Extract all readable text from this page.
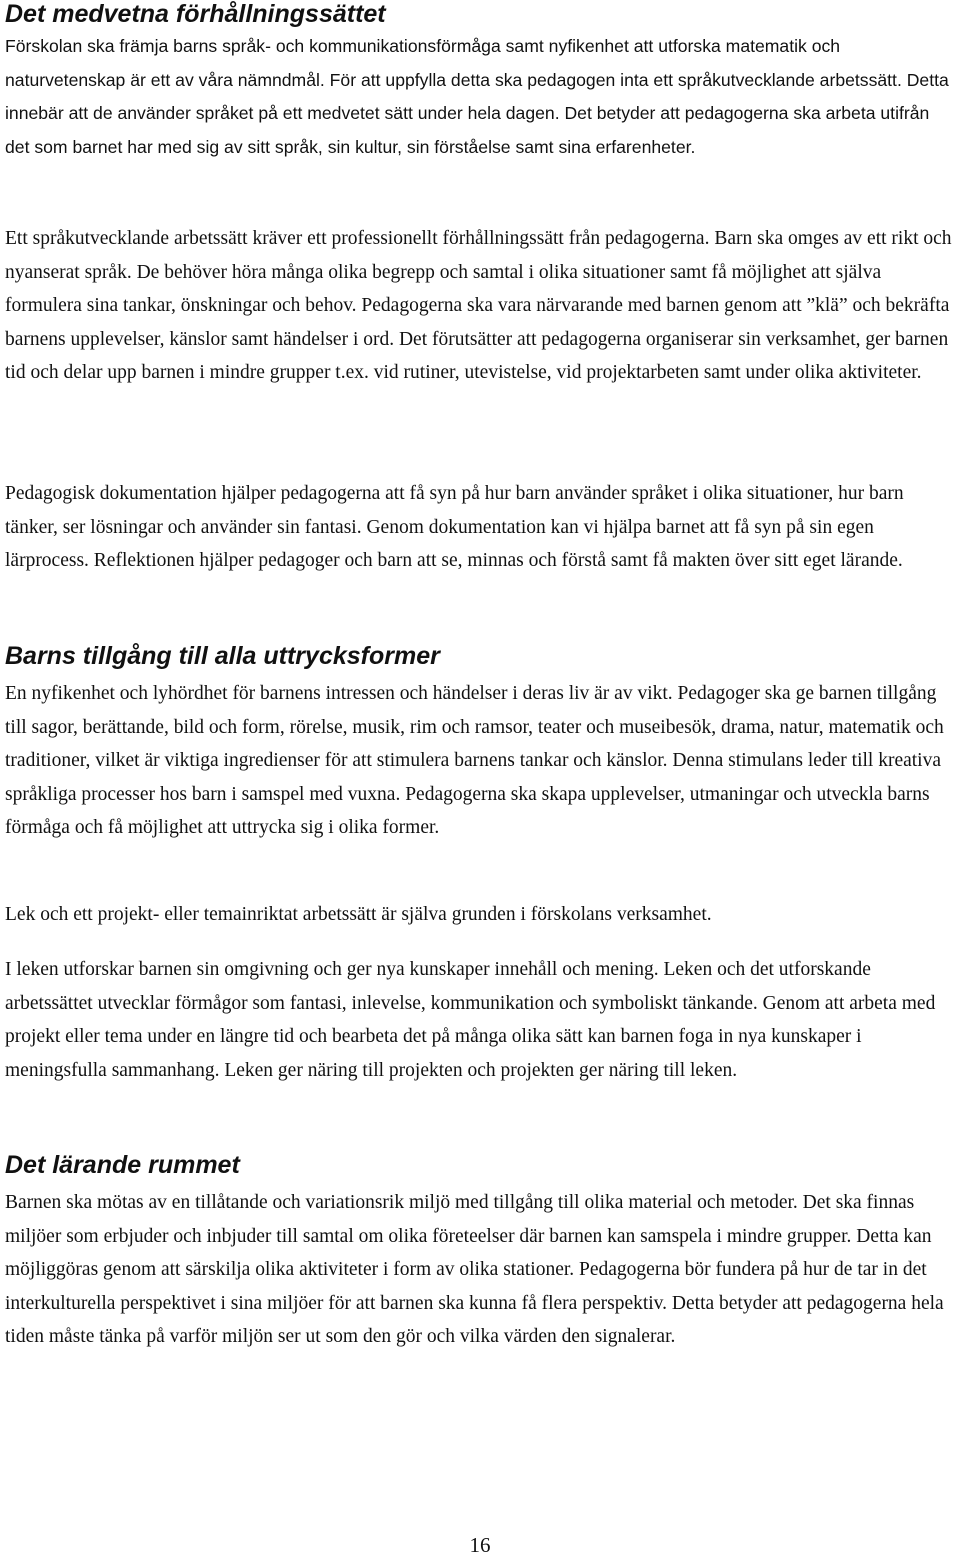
Det medvetna förhållningssättet

Förskolan ska främja barns språk- och kommunikationsförmåga samt nyfikenhet att utforska matematik och naturvetenskap är ett av våra nämndmål. För att uppfylla detta ska pedagogen inta ett språkutvecklande arbetssätt. Detta innebär att de använder språket på ett medvetet sätt under hela dagen. Det betyder att pedagogerna ska arbeta utifrån det som barnet har med sig av sitt språk, sin kultur, sin förståelse samt sina erfarenheter.

Ett språkutvecklande arbetssätt kräver ett professionellt förhållningssätt från pedagogerna. Barn ska omges av ett rikt och nyanserat språk. De behöver höra många olika begrepp och samtal i olika situationer samt få möjlighet att själva formulera sina tankar, önskningar och behov. Pedagogerna ska vara närvarande med barnen genom att ”klä” och bekräfta barnens upplevelser, känslor samt händelser i ord. Det förutsätter att pedagogerna organiserar sin verksamhet, ger barnen tid och delar upp barnen i mindre grupper t.ex. vid rutiner, utevistelse, vid projektarbeten samt under olika aktiviteter.

Pedagogisk dokumentation hjälper pedagogerna att få syn på hur barn använder språket i olika situationer, hur barn tänker, ser lösningar och använder sin fantasi. Genom dokumentation kan vi hjälpa barnet att få syn på sin egen lärprocess. Reflektionen hjälper pedagoger och barn att se, minnas och förstå samt få makten över sitt eget lärande.

Barns tillgång till alla uttrycksformer

En nyfikenhet och lyhördhet för barnens intressen och händelser i deras liv är av vikt. Pedagoger ska ge barnen tillgång till sagor, berättande, bild och form, rörelse, musik, rim och ramsor, teater och museibesök, drama, natur, matematik och traditioner, vilket är viktiga ingredienser för att stimulera barnens tankar och känslor. Denna stimulans leder till kreativa språkliga processer hos barn i samspel med vuxna. Pedagogerna ska skapa upplevelser, utmaningar och utveckla barns förmåga och få möjlighet att uttrycka sig i olika former.

Lek och ett projekt- eller temainriktat arbetssätt är själva grunden i förskolans verksamhet.

I leken utforskar barnen sin omgivning och ger nya kunskaper innehåll och mening. Leken och det utforskande arbetssättet utvecklar förmågor som fantasi, inlevelse, kommunikation och symboliskt tänkande. Genom att arbeta med projekt eller tema under en längre tid och bearbeta det på många olika sätt kan barnen foga in nya kunskaper i meningsfulla sammanhang. Leken ger näring till projekten och projekten ger näring till leken.

Det lärande rummet

Barnen ska mötas av en tillåtande och variationsrik miljö med tillgång till olika material och metoder. Det ska finnas miljöer som erbjuder och inbjuder till samtal om olika företeelser där barnen kan samspela i mindre grupper. Detta kan möjliggöras genom att särskilja olika aktiviteter i form av olika stationer. Pedagogerna bör fundera på hur de tar in det interkulturella perspektivet i sina miljöer för att barnen ska kunna få flera perspektiv. Detta betyder att pedagogerna hela tiden måste tänka på varför miljön ser ut som den gör och vilka värden den signalerar.

16
